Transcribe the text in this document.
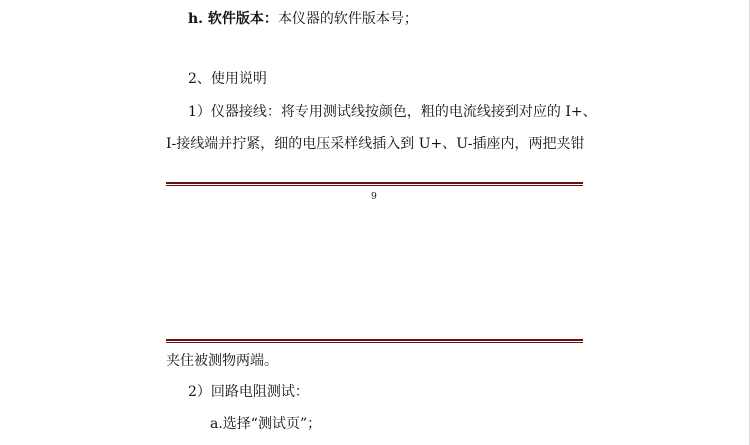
h. 软件版本：本仪器的软件版本号；
2、使用说明
1）仪器接线：将专用测试线按颜色，粗的电流线接到对应的 I+、
I-接线端并拧紧，细的电压采样线插入到 U+、U-插座内，两把夹钳
9
夹住被测物两端。
2）回路电阻测试：
a.选择“测试页”；
